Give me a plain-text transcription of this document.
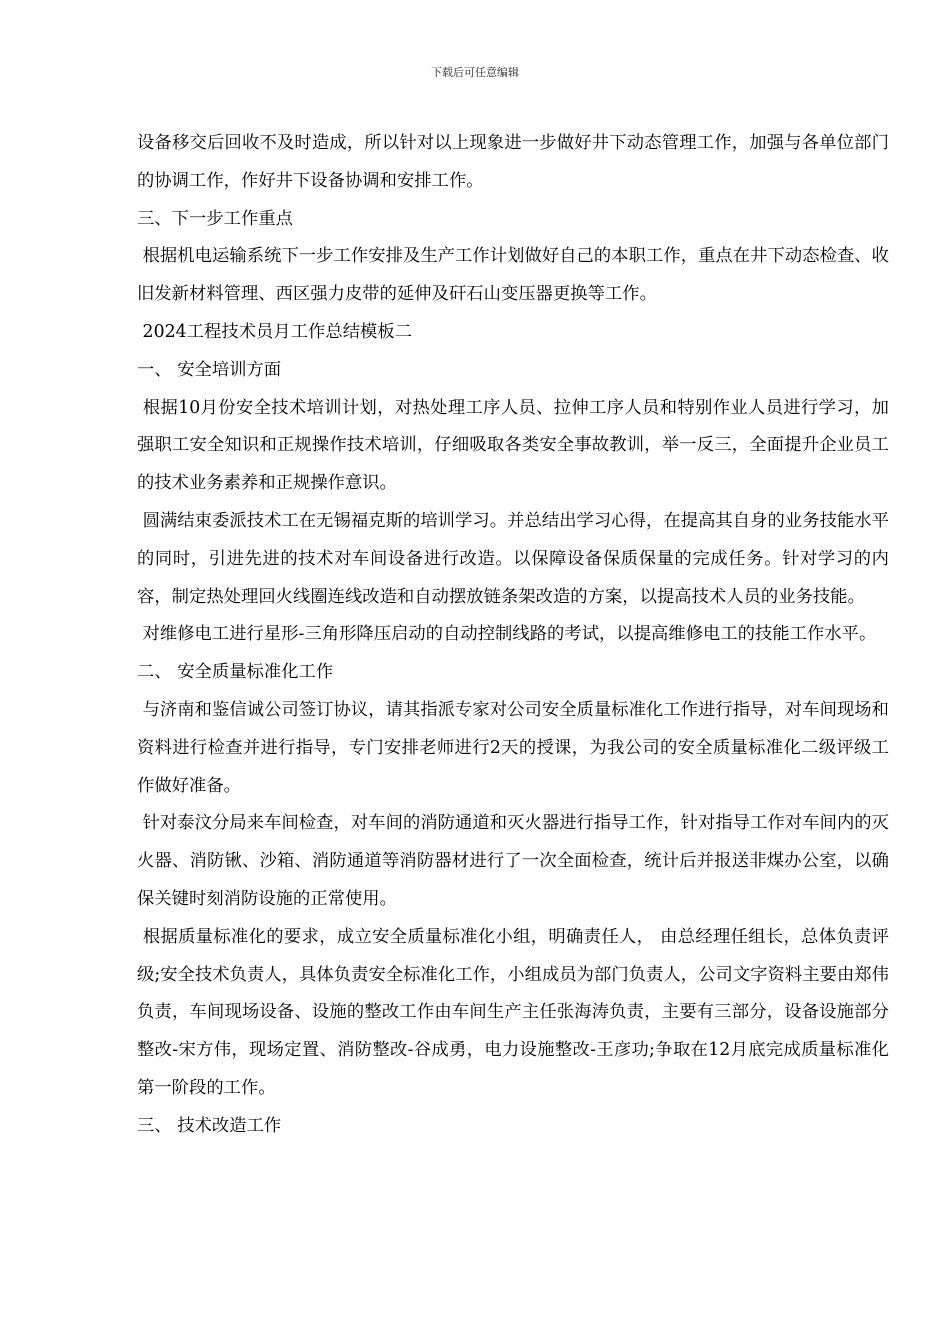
下载后可任意编辑

设备移交后回收不及时造成，所以针对以上现象进一步做好井下动态管理工作，加强与各单位部门的协调工作，作好井下设备协调和安排工作。

三、下一步工作重点

根据机电运输系统下一步工作安排及生产工作计划做好自己的本职工作，重点在井下动态检查、收旧发新材料管理、西区强力皮带的延伸及矸石山变压器更换等工作。

2024工程技术员月工作总结模板二

一、 安全培训方面

根据10月份安全技术培训计划，对热处理工序人员、拉伸工序人员和特别作业人员进行学习，加强职工安全知识和正规操作技术培训，仔细吸取各类安全事故教训，举一反三，全面提升企业员工的技术业务素养和正规操作意识。

圆满结束委派技术工在无锡福克斯的培训学习。并总结出学习心得，在提高其自身的业务技能水平的同时，引进先进的技术对车间设备进行改造。以保障设备保质保量的完成任务。针对学习的内容，制定热处理回火线圈连线改造和自动摆放链条架改造的方案，以提高技术人员的业务技能。

对维修电工进行星形-三角形降压启动的自动控制线路的考试，以提高维修电工的技能工作水平。

二、 安全质量标准化工作

与济南和鉴信诚公司签订协议，请其指派专家对公司安全质量标准化工作进行指导，对车间现场和资料进行检查并进行指导，专门安排老师进行2天的授课，为我公司的安全质量标准化二级评级工作做好准备。

针对泰汶分局来车间检查，对车间的消防通道和灭火器进行指导工作，针对指导工作对车间内的灭火器、消防锹、沙箱、消防通道等消防器材进行了一次全面检查，统计后并报送非煤办公室，以确保关键时刻消防设施的正常使用。

根据质量标准化的要求，成立安全质量标准化小组，明确责任人， 由总经理任组长，总体负责评级;安全技术负责人，具体负责安全标准化工作，小组成员为部门负责人，公司文字资料主要由郑伟负责，车间现场设备、设施的整改工作由车间生产主任张海涛负责，主要有三部分，设备设施部分整改-宋方伟，现场定置、消防整改-谷成勇，电力设施整改-王彦功;争取在12月底完成质量标准化第一阶段的工作。

三、 技术改造工作
